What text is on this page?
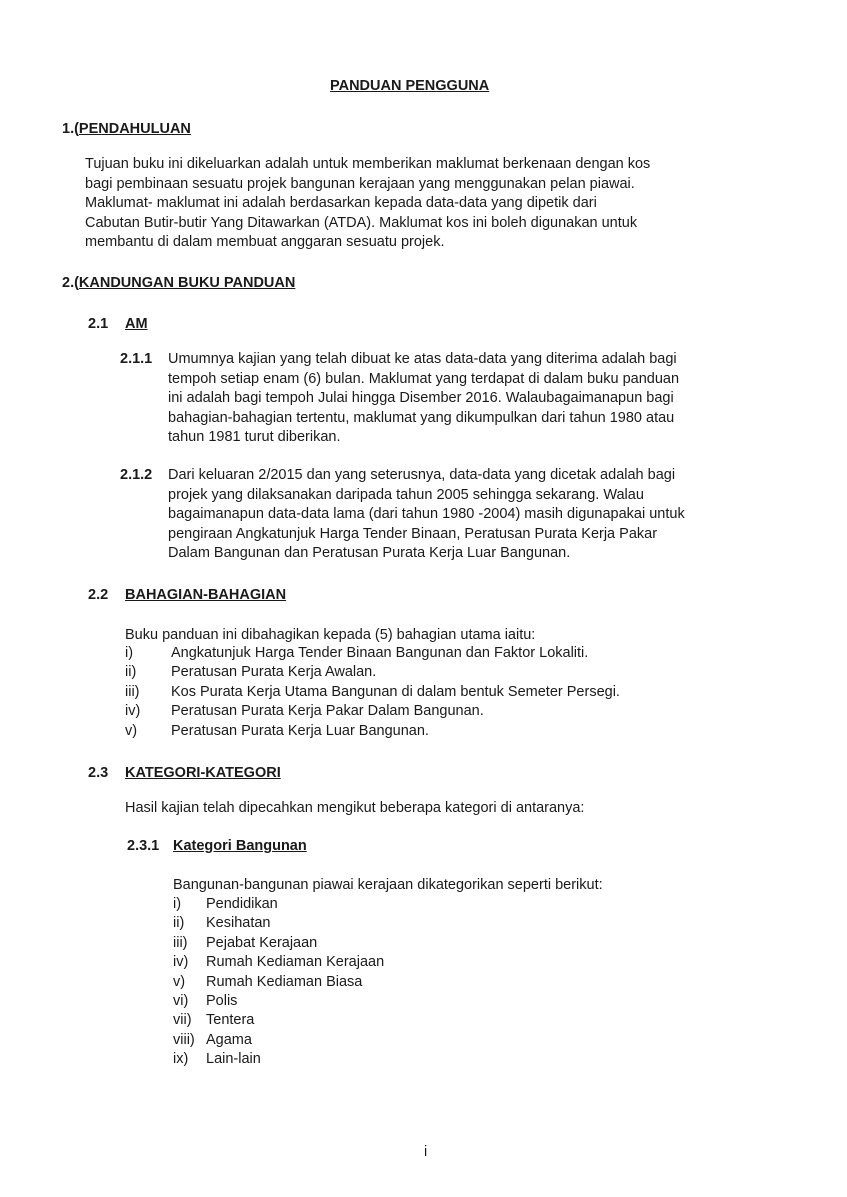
PANDUAN PENGGUNA
1.(PENDAHULUAN
Tujuan buku ini dikeluarkan adalah untuk memberikan maklumat berkenaan dengan kos
bagi pembinaan sesuatu projek bangunan kerajaan yang menggunakan pelan piawai.
Maklumat- maklumat ini adalah berdasarkan kepada data-data yang dipetik dari
Cabutan Butir-butir Yang Ditawarkan (ATDA). Maklumat kos ini boleh digunakan untuk
membantu di dalam membuat anggaran sesuatu projek.
2.(KANDUNGAN BUKU PANDUAN
2.1 AM
2.1.1 Umumnya kajian yang telah dibuat ke atas data-data yang diterima adalah bagi
tempoh setiap enam (6) bulan. Maklumat yang terdapat di dalam buku panduan
ini adalah bagi tempoh Julai hingga Disember 2016. Walaubagaimanapun bagi
bahagian-bahagian tertentu, maklumat yang dikumpulkan dari tahun 1980 atau
tahun 1981 turut diberikan.
2.1.2 Dari keluaran 2/2015 dan yang seterusnya, data-data yang dicetak adalah bagi
projek yang dilaksanakan daripada tahun 2005 sehingga sekarang. Walau
bagaimanapun data-data lama (dari tahun 1980 -2004) masih digunapakai untuk
pengiraan Angkatunjuk Harga Tender Binaan, Peratusan Purata Kerja Pakar
Dalam Bangunan dan Peratusan Purata Kerja Luar Bangunan.
2.2 BAHAGIAN-BAHAGIAN
Buku panduan ini dibahagikan kepada (5) bahagian utama iaitu:
i)	Angkatunjuk Harga Tender Binaan Bangunan dan Faktor Lokaliti.
ii) Peratusan Purata Kerja Awalan.
iii) Kos Purata Kerja Utama Bangunan di dalam bentuk Semeter Persegi.
iv) Peratusan Purata Kerja Pakar Dalam Bangunan.
v) Peratusan Purata Kerja Luar Bangunan.
2.3 KATEGORI-KATEGORI
Hasil kajian telah dipecahkan mengikut beberapa kategori di antaranya:
2.3.1 Kategori Bangunan
Bangunan-bangunan piawai kerajaan dikategorikan seperti berikut:
i) Pendidikan
ii) Kesihatan
iii) Pejabat Kerajaan
iv) Rumah Kediaman Kerajaan
v) Rumah Kediaman Biasa
vi) Polis
vii) Tentera
viii) Agama
ix) Lain-lain
i
